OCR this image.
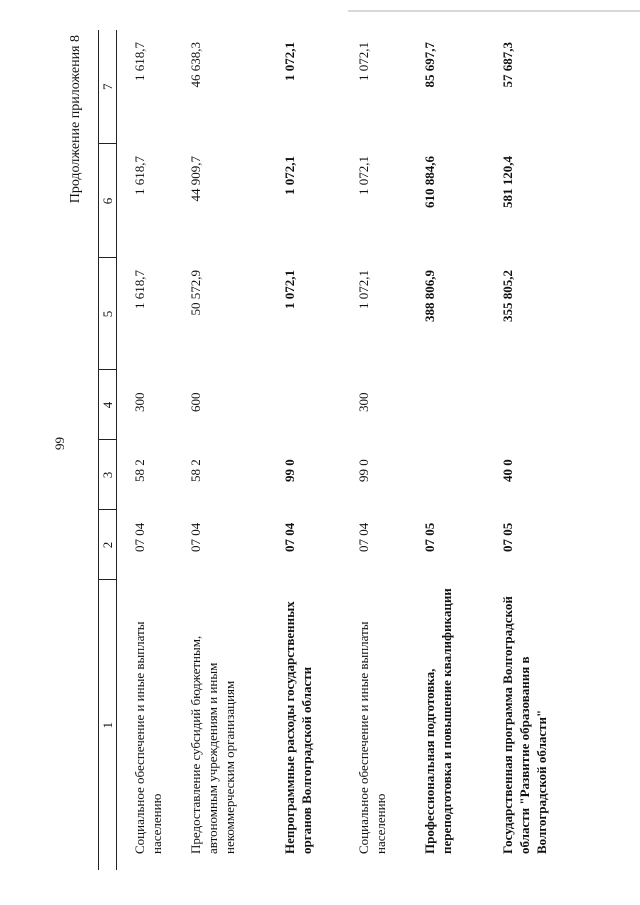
99
Продолжение приложения 8
1	2	3	4	5	6	7
Социальное обеспечение и иные выплаты населению	07 04	58 2	300	1 618,7	1 618,7	1 618,7
Предоставление субсидий бюджетным, автономным учреждениям и иным некоммерческим организациям	07 04	58 2	600	50 572,9	44 909,7	46 638,3
Непрограммные расходы государственных органов Волгоградской области	07 04	99 0		1 072,1	1 072,1	1 072,1
Социальное обеспечение и иные выплаты населению	07 04	99 0	300	1 072,1	1 072,1	1 072,1
Профессиональная подготовка, переподготовка и повышение квалификации	07 05			388 806,9	610 884,6	85 697,7
Государственная программа Волгоградской области "Развитие образования в Волгоградской области"	07 05	40 0		355 805,2	581 120,4	57 687,3
